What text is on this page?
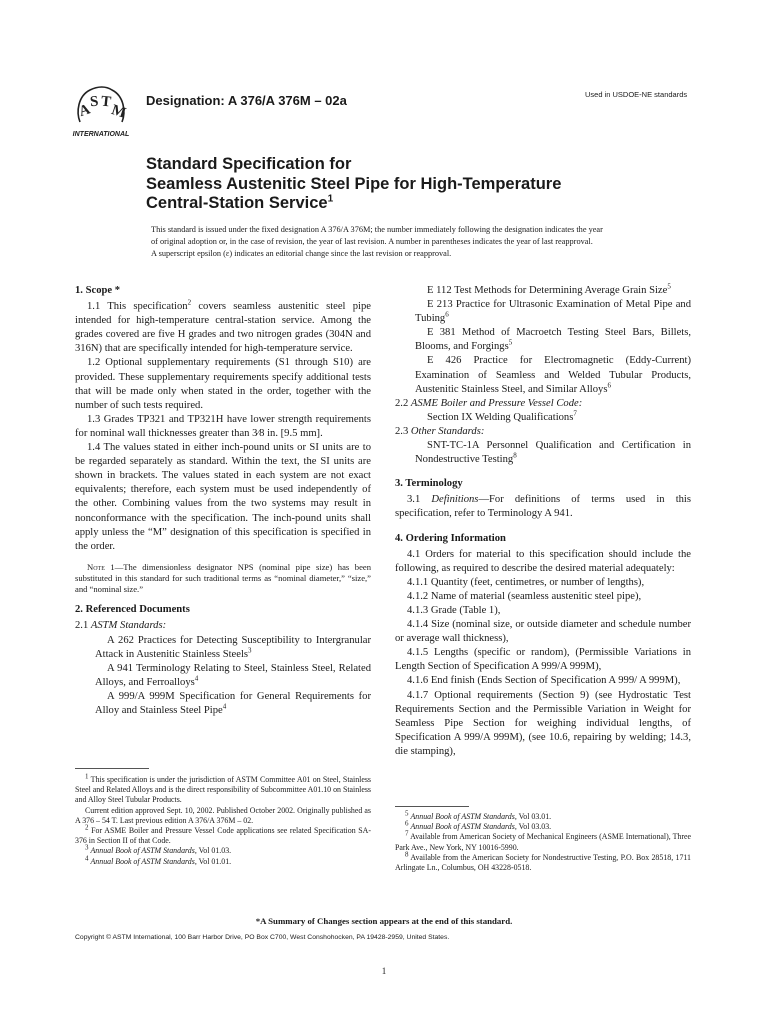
A
S T
M
INTERNATIONAL
Designation: A 376/A 376M – 02a	Used in USDOE-NE standards
Standard Specification for
Seamless Austenitic Steel Pipe for High-Temperature
Central-Station Service$^1$

This standard is issued under the fixed designation A 376/A 376M; the number immediately following the designation indicates the year

of original adoption or, in the case of revision, the year of last revision. A number in parentheses indicates the year of last reapproval.

A superscript epsilon (ε) indicates an editorial change since the last revision or reapproval.

1. Scope *

1.1 This specification$^2$ covers seamless austenitic steel pipe intended for high-temperature central-station service. Among the grades covered are five H grades and two nitrogen grades (304N and 316N) that are specifically intended for high-temperature service.

1.2 Optional supplementary requirements (S1 through S10) are provided. These supplementary requirements specify additional tests that will be made only when stated in the order, together with the number of such tests required.

1.3 Grades TP321 and TP321H have lower strength requirements for nominal wall thicknesses greater than 3⁄8 in. [9.5 mm].

1.4 The values stated in either inch-pound units or SI units are to be regarded separately as standard. Within the text, the SI units are shown in brackets. The values stated in each system are not exact equivalents; therefore, each system must be used independently of the other. Combining values from the two systems may result in nonconformance with the specification. The inch-pound units shall apply unless the “M” designation of this specification is specified in the order.

Note 1—The dimensionless designator NPS (nominal pipe size) has been substituted in this standard for such traditional terms as “nominal diameter,” “size,” and “nominal size.”
2. Referenced Documents

2.1 ASTM Standards:

A 262 Practices for Detecting Susceptibility to Intergranular Attack in Austenitic Stainless Steels$^3$

A 941 Terminology Relating to Steel, Stainless Steel, Related Alloys, and Ferroalloys$^4$

A 999/A 999M Specification for General Requirements for Alloy and Stainless Steel Pipe$^4$

E 112 Test Methods for Determining Average Grain Size$^5$

E 213 Practice for Ultrasonic Examination of Metal Pipe and Tubing$^6$

E 381 Method of Macroetch Testing Steel Bars, Billets, Blooms, and Forgings$^5$

E 426 Practice for Electromagnetic (Eddy-Current) Examination of Seamless and Welded Tubular Products, Austenitic Stainless Steel, and Similar Alloys$^6$

2.2 ASME Boiler and Pressure Vessel Code:

Section IX Welding Qualifications$^7$

2.3 Other Standards:

SNT-TC-1A Personnel Qualification and Certification in Nondestructive Testing$^8$

3. Terminology

3.1 Definitions—For definitions of terms used in this specification, refer to Terminology A 941.

4. Ordering Information

4.1 Orders for material to this specification should include the following, as required to describe the desired material adequately:

4.1.1 Quantity (feet, centimetres, or number of lengths),

4.1.2 Name of material (seamless austenitic steel pipe),

4.1.3 Grade (Table 1),

4.1.4 Size (nominal size, or outside diameter and schedule number or average wall thickness),

4.1.5 Lengths (specific or random), (Permissible Variations in Length Section of Specification A 999/A 999M),

4.1.6 End finish (Ends Section of Specification A 999/ A 999M),

4.1.7 Optional requirements (Section 9) (see Hydrostatic Test Requirements Section and the Permissible Variation in Weight for Seamless Pipe Section for weighing individual lengths, of Specification A 999/A 999M), (see 10.6, repairing by welding; 14.3, die stamping),

$^1$ This specification is under the jurisdiction of ASTM Committee A01 on Steel, Stainless Steel and Related Alloys and is the direct responsibility of Subcommittee A01.10 on Stainless and Alloy Steel Tubular Products.

Current edition approved Sept. 10, 2002. Published October 2002. Originally published as A 376 – 54 T. Last previous edition A 376/A 376M – 02.

$^2$ For ASME Boiler and Pressure Vessel Code applications see related Specification SA-376 in Section II of that Code.

$^3$ Annual Book of ASTM Standards, Vol 01.03.

$^4$ Annual Book of ASTM Standards, Vol 01.01.

$^5$ Annual Book of ASTM Standards, Vol 03.01.

$^6$ Annual Book of ASTM Standards, Vol 03.03.

$^7$ Available from American Society of Mechanical Engineers (ASME International), Three Park Ave., New York, NY 10016-5990.

$^8$ Available from the American Society for Nondestructive Testing, P.O. Box 28518, 1711 Arlingate Ln., Columbus, OH 43228-0518.

*A Summary of Changes section appears at the end of this standard.
Copyright © ASTM International, 100 Barr Harbor Drive, PO Box C700, West Conshohocken, PA 19428-2959, United States.
1
